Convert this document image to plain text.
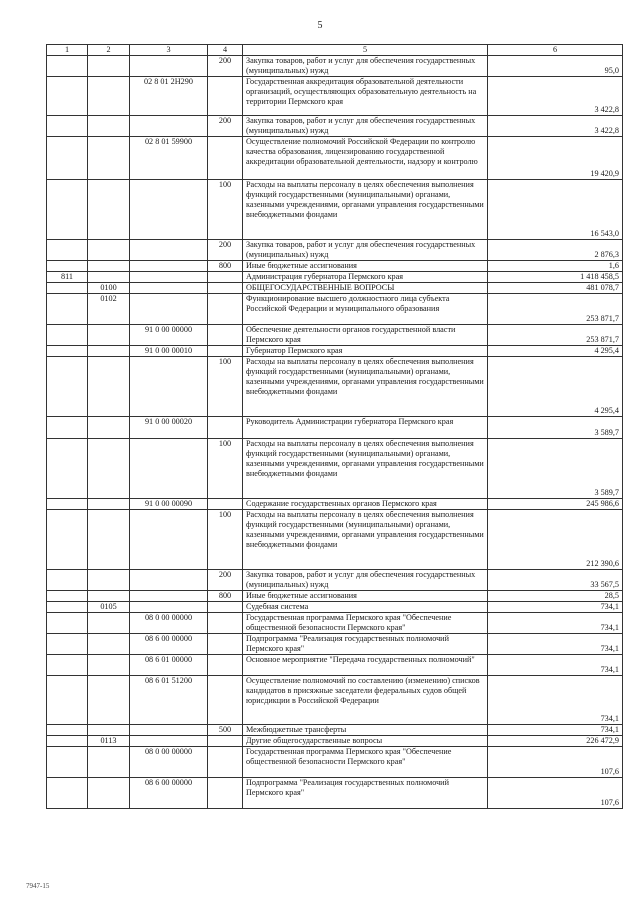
5
1	2	3	4	5	6
			200	Закупка товаров, работ и услуг для обеспечения государственных (муниципальных) нужд	95,0
		02 8 01 2Н290		Государственная аккредитация образовательной деятельности организаций, осуществляющих образовательную деятельность на территории Пермского края	3 422,8
			200	Закупка товаров, работ и услуг для обеспечения государственных (муниципальных) нужд	3 422,8
		02 8 01 59900		Осуществление полномочий Российской Федерации по контролю качества образования, лицензированию государственной аккредитации образовательной деятельности, надзору и контролю	19 420,9
			100	Расходы на выплаты персоналу в целях обеспечения выполнения функций государственными (муниципальными) органами, казенными учреждениями, органами управления государственными внебюджетными фондами	16 543,0
			200	Закупка товаров, работ и услуг для обеспечения государственных (муниципальных) нужд	2 876,3
			800	Иные бюджетные ассигнования	1,6
811				Администрация губернатора Пермского края	1 418 458,5
	0100			ОБЩЕГОСУДАРСТВЕННЫЕ ВОПРОСЫ	481 078,7
	0102			Функционирование высшего должностного лица субъекта Российской Федерации и муниципального образования	253 871,7
		91 0 00 00000		Обеспечение деятельности органов государственной власти Пермского края	253 871,7
		91 0 00 00010		Губернатор Пермского края	4 295,4
			100	Расходы на выплаты персоналу в целях обеспечения выполнения функций государственными (муниципальными) органами, казенными учреждениями, органами управления государственными внебюджетными фондами	4 295,4
		91 0 00 00020		Руководитель Администрации губернатора Пермского края	3 589,7
			100	Расходы на выплаты персоналу в целях обеспечения выполнения функций государственными (муниципальными) органами, казенными учреждениями, органами управления государственными внебюджетными фондами	3 589,7
		91 0 00 00090		Содержание государственных органов Пермского края	245 986,6
			100	Расходы на выплаты персоналу в целях обеспечения выполнения функций государственными (муниципальными) органами, казенными учреждениями, органами управления государственными внебюджетными фондами	212 390,6
			200	Закупка товаров, работ и услуг для обеспечения государственных (муниципальных) нужд	33 567,5
			800	Иные бюджетные ассигнования	28,5
	0105			Судебная система	734,1
		08 0 00 00000		Государственная программа Пермского края "Обеспечение общественной безопасности Пермского края"	734,1
		08 6 00 00000		Подпрограмма "Реализация государственных полномочий Пермского края"	734,1
		08 6 01 00000		Основное мероприятие "Передача государственных полномочий"	734,1
		08 6 01 51200		Осуществление полномочий по составлению (изменению) списков кандидатов в присяжные заседатели федеральных судов общей юрисдикции в Российской Федерации	734,1
			500	Межбюджетные трансферты	734,1
	0113			Другие общегосударственные вопросы	226 472,9
		08 0 00 00000		Государственная программа Пермского края "Обеспечение общественной безопасности Пермского края"	107,6
		08 6 00 00000		Подпрограмма "Реализация государственных полномочий Пермского края"	107,6
7947-15
